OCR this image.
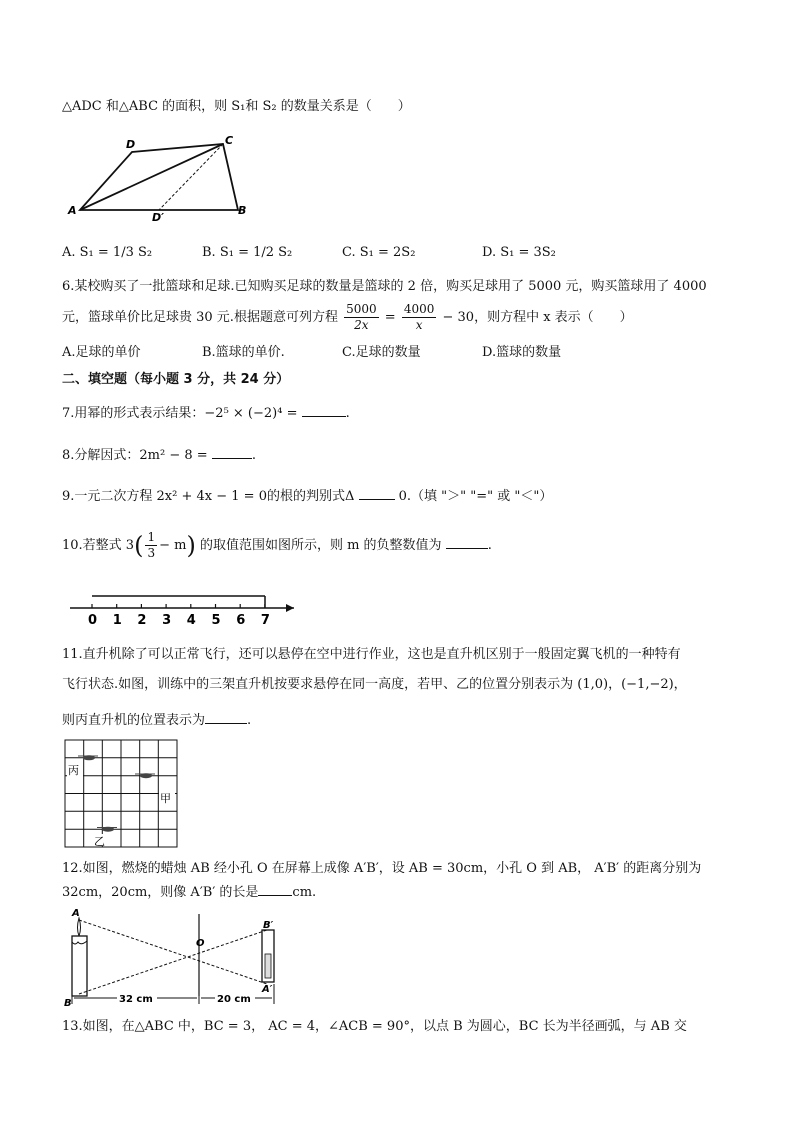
△ADC 和△ABC 的面积，则 S₁和 S₂ 的数量关系是（　　）
D	C
A
D′
B
A. S₁ = 1/3 S₂	B. S₁ = 1/2 S₂	C. S₁ = 2S₂	D. S₁ = 3S₂
6.某校购买了一批篮球和足球.已知购买足球的数量是篮球的 2 倍，购买足球用了 5000 元，购买篮球用了 4000
元，篮球单价比足球贵 30 元.根据题意可列方程 $\frac{5000}{2x} = \frac{4000}{x} - 30$，则方程中 x 表示（　　）
A.足球的单价	B.篮球的单价.	C.足球的数量	D.篮球的数量
二、填空题（每小题 3 分，共 24 分）
7.用幂的形式表示结果：−2⁵ × (−2)⁴ =	.
8.分解因式：2m² − 8 =	.
9.一元二次方程 2x² + 4x − 1 = 0的根的判别式Δ	0.（填 "＞" "=" 或 "＜"）
10.若整式 $3( \frac{1}{3} - m)$ 的取值范围如图所示，则 m 的负整数值为	.
0 1 2 3 4 5 6 7
11.直升机除了可以正常飞行，还可以悬停在空中进行作业，这也是直升机区别于一般固定翼飞机的一种特有
飞行状态.如图，训练中的三架直升机按要求悬停在同一高度，若甲、乙的位置分别表示为 (1,0)，(−1,−2)，
则丙直升机的位置表示为	.
丙
甲
乙
12.如图，燃烧的蜡烛 AB 经小孔 O 在屏幕上成像 A′B′，设 AB = 30cm，小孔 O 到 AB， A′B′ 的距离分别为
32cm，20cm，则像 A′B′ 的长是	cm.
A
O
B′
B
A′
32 cm	20 cm
13.如图，在△ABC 中，BC = 3， AC = 4，∠ACB = 90°，以点 B 为圆心，BC 长为半径画弧，与 AB 交
